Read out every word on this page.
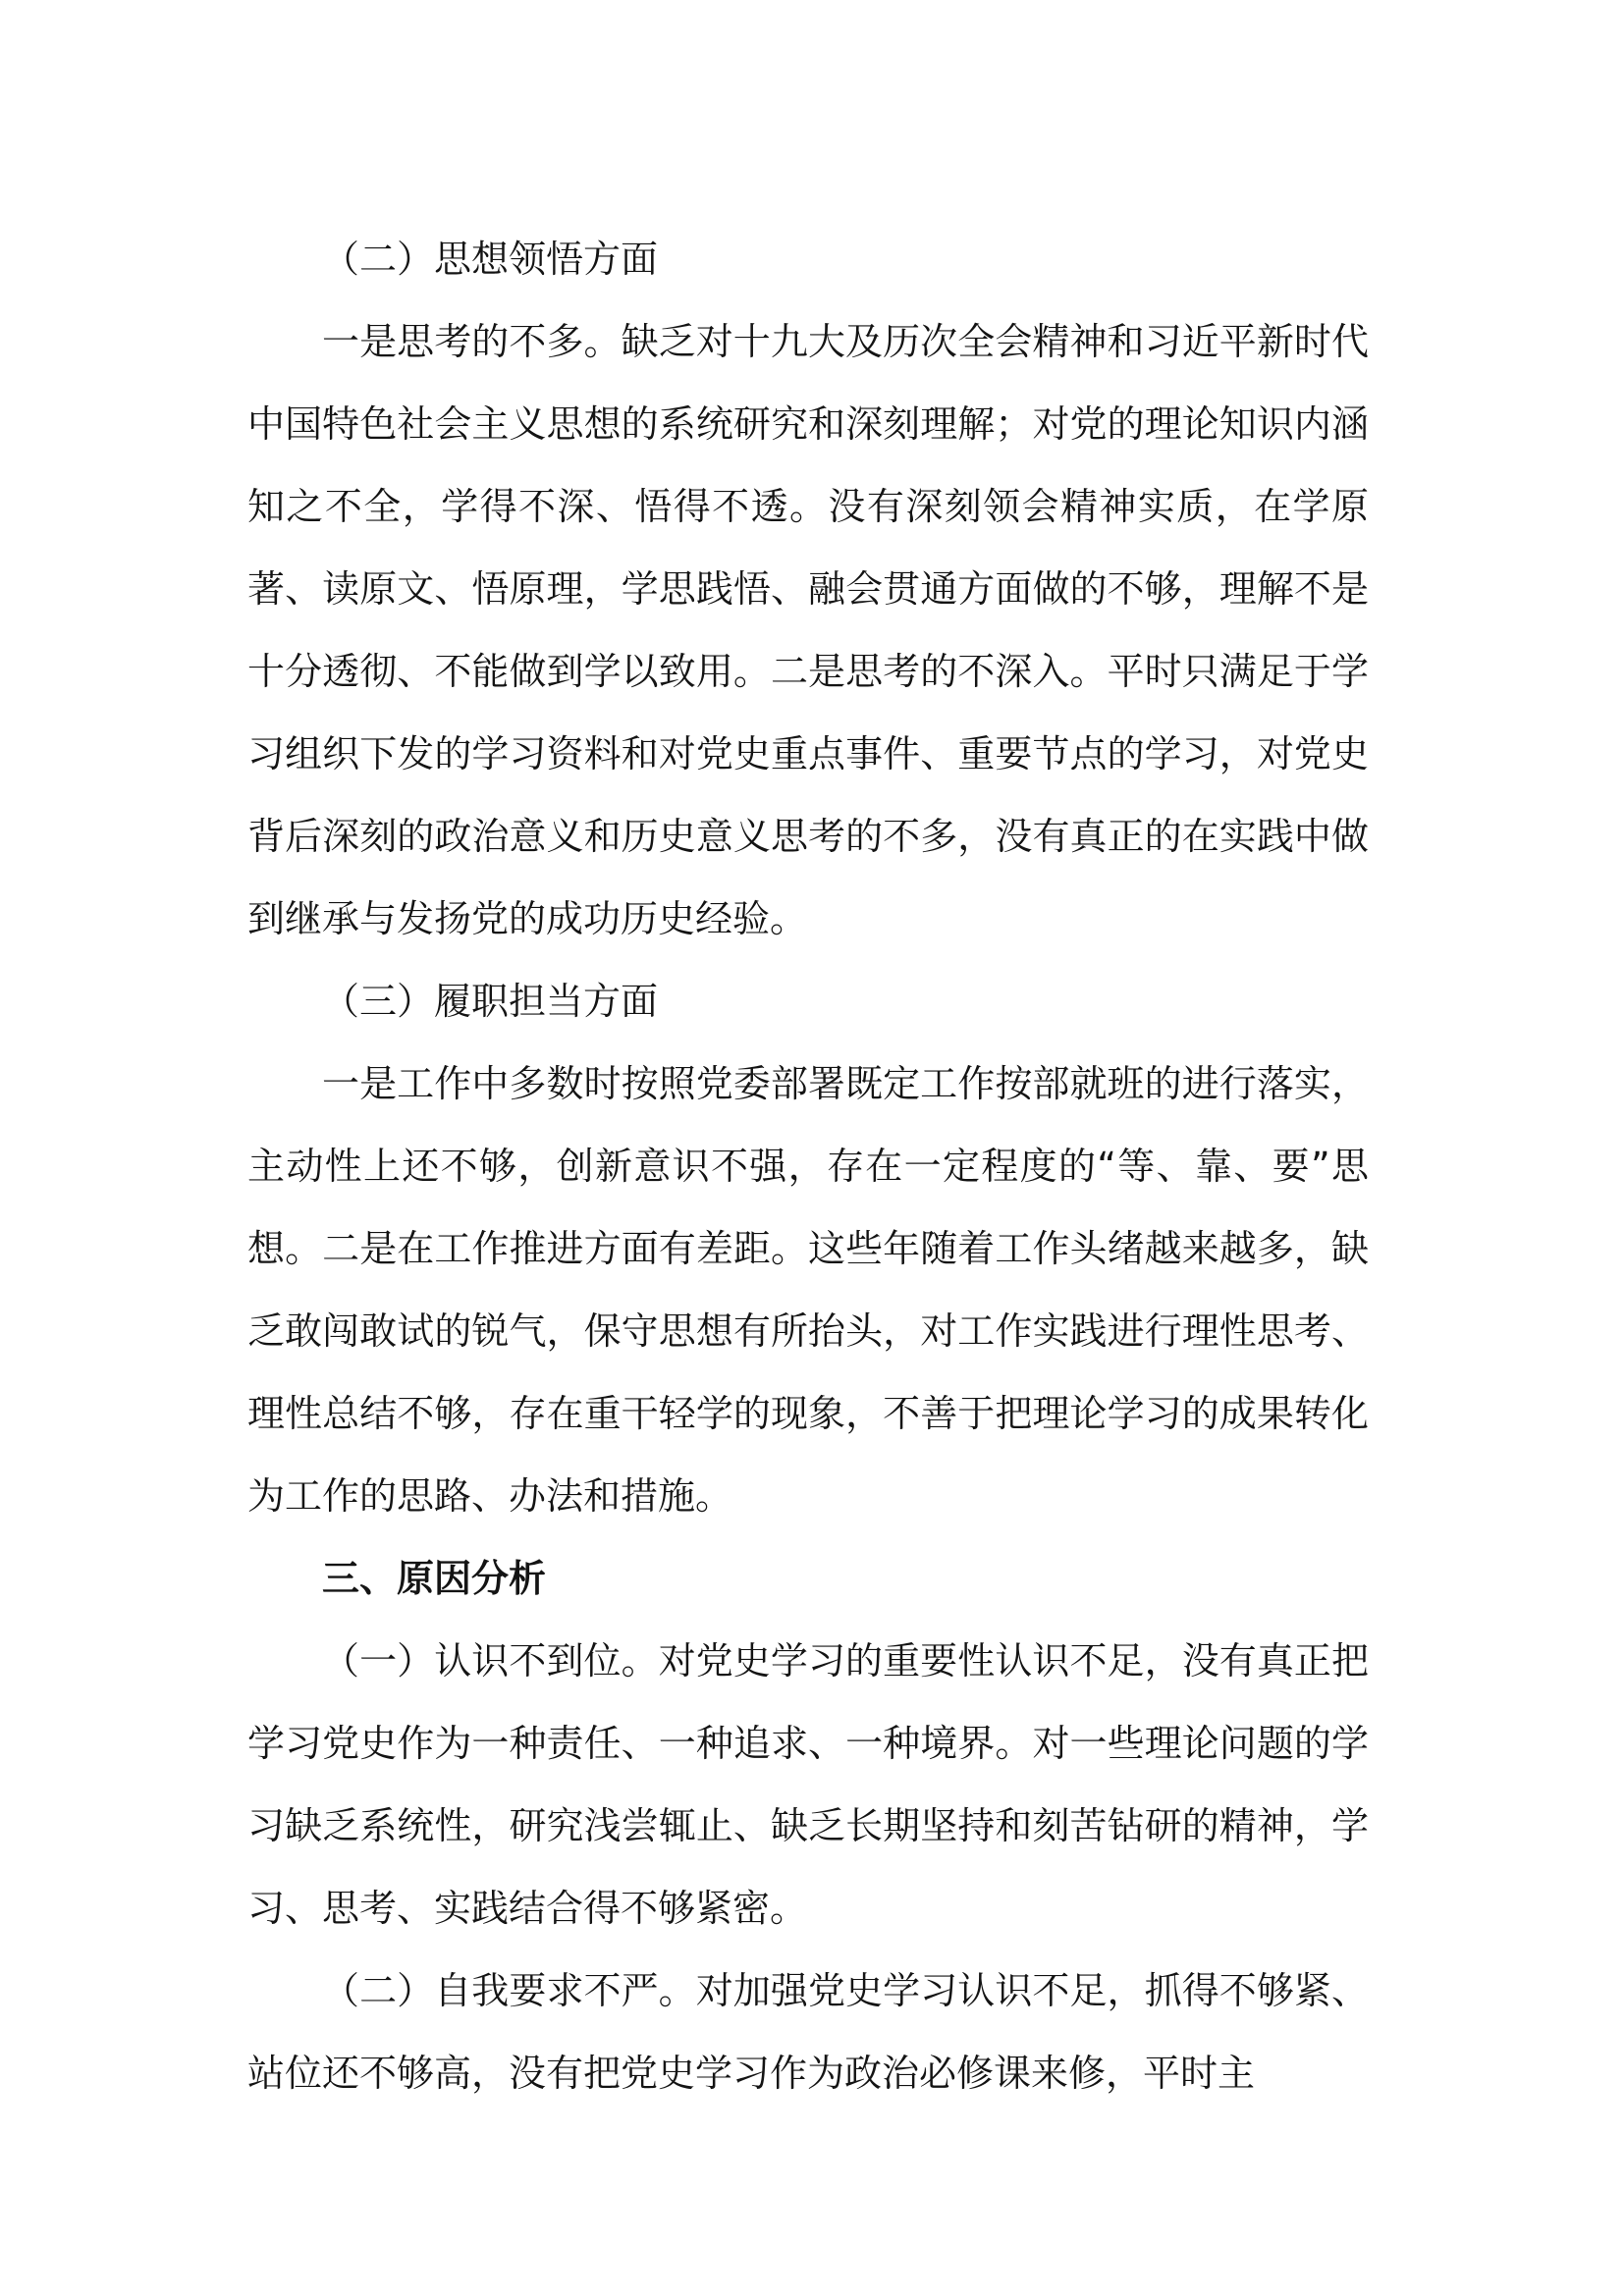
（二）思想领悟方面

一是思考的不多。缺乏对十九大及历次全会精神和习近平新时代中国特色社会主义思想的系统研究和深刻理解；对党的理论知识内涵知之不全，学得不深、悟得不透。没有深刻领会精神实质，在学原著、读原文、悟原理，学思践悟、融会贯通方面做的不够，理解不是十分透彻、不能做到学以致用。二是思考的不深入。平时只满足于学习组织下发的学习资料和对党史重点事件、重要节点的学习，对党史背后深刻的政治意义和历史意义思考的不多，没有真正的在实践中做到继承与发扬党的成功历史经验。

（三）履职担当方面

一是工作中多数时按照党委部署既定工作按部就班的进行落实，主动性上还不够，创新意识不强，存在一定程度的“等、靠、要”思想。二是在工作推进方面有差距。这些年随着工作头绪越来越多，缺乏敢闯敢试的锐气，保守思想有所抬头，对工作实践进行理性思考、理性总结不够，存在重干轻学的现象，不善于把理论学习的成果转化为工作的思路、办法和措施。

三、原因分析

（一）认识不到位。对党史学习的重要性认识不足，没有真正把学习党史作为一种责任、一种追求、一种境界。对一些理论问题的学习缺乏系统性，研究浅尝辄止、缺乏长期坚持和刻苦钻研的精神，学习、思考、实践结合得不够紧密。

（二）自我要求不严。对加强党史学习认识不足，抓得不够紧、站位还不够高，没有把党史学习作为政治必修课来修，平时主
